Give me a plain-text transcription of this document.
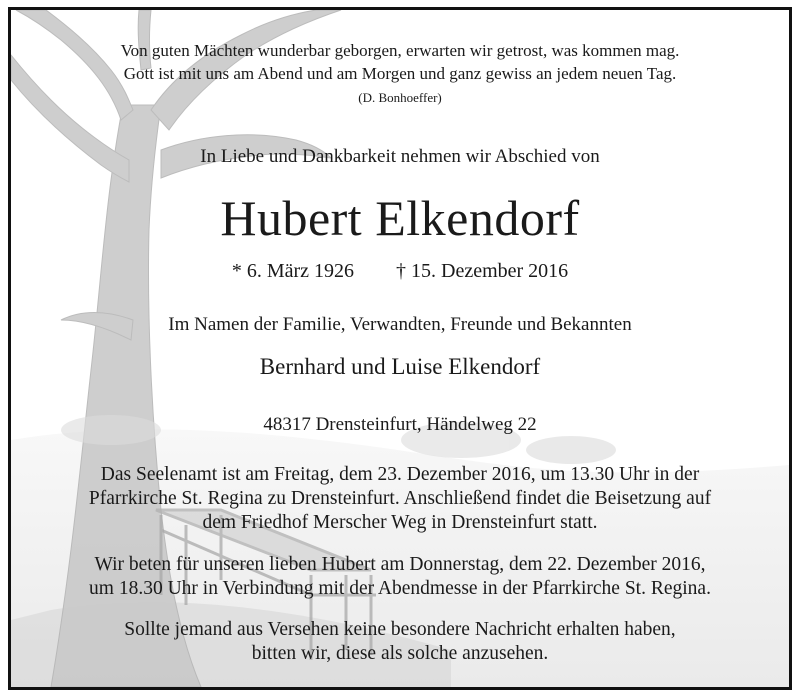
Von guten Mächten wunderbar geborgen, erwarten wir getrost, was kommen mag.
Gott ist mit uns am Abend und am Morgen und ganz gewiss an jedem neuen Tag.
(D. Bonhoeffer)
In Liebe und Dankbarkeit nehmen wir Abschied von
Hubert Elkendorf
* 6. März 1926 † 15. Dezember 2016
Im Namen der Familie, Verwandten, Freunde und Bekannten
Bernhard und Luise Elkendorf
48317 Drensteinfurt, Händelweg 22
Das Seelenamt ist am Freitag, dem 23. Dezember 2016, um 13.30 Uhr in der
Pfarrkirche St. Regina zu Drensteinfurt. Anschließend findet die Beisetzung auf
dem Friedhof Merscher Weg in Drensteinfurt statt.
Wir beten für unseren lieben Hubert am Donnerstag, dem 22. Dezember 2016,
um 18.30 Uhr in Verbindung mit der Abendmesse in der Pfarrkirche St. Regina.
Sollte jemand aus Versehen keine besondere Nachricht erhalten haben,
bitten wir, diese als solche anzusehen.
